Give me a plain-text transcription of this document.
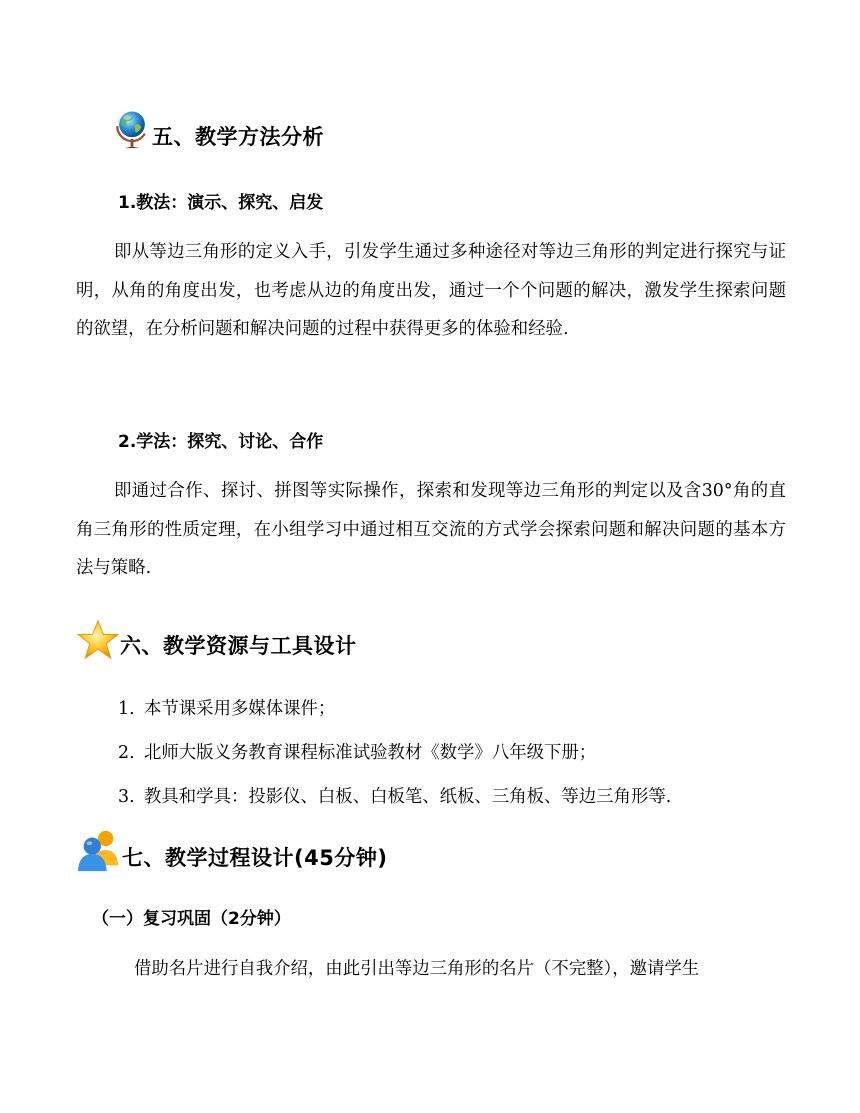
五、教学方法分析
1.教法：演示、探究、启发

即从等边三角形的定义入手，引发学生通过多种途径对等边三角形的判定进行探究与证明，从角的角度出发，也考虑从边的角度出发，通过一个个问题的解决，激发学生探索问题的欲望，在分析问题和解决问题的过程中获得更多的体验和经验.

2.学法：探究、讨论、合作

即通过合作、探讨、拼图等实际操作，探索和发现等边三角形的判定以及含30°角的直角三角形的性质定理，在小组学习中通过相互交流的方式学会探索问题和解决问题的基本方法与策略.

六、教学资源与工具设计
1. 本节课采用多媒体课件；
2. 北师大版义务教育课程标准试验教材《数学》八年级下册；
3. 教具和学具：投影仪、白板、白板笔、纸板、三角板、等边三角形等.
七、教学过程设计(45分钟)
（一）复习巩固（2分钟）

借助名片进行自我介绍，由此引出等边三角形的名片（不完整），邀请学生
